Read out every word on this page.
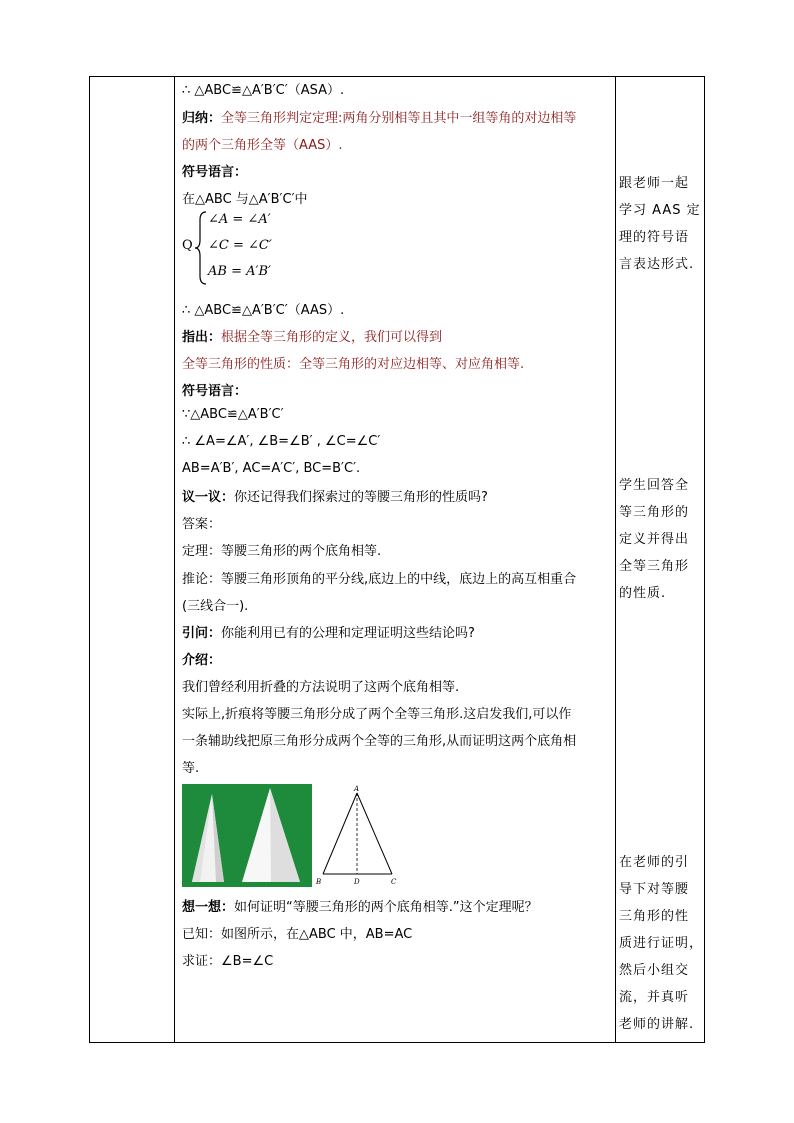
∴ △ABC≌△A′B′C′（ASA）.
归纳：全等三角形判定定理:两角分别相等且其中一组等角的对边相等
的两个三角形全等（AAS）.
符号语言：
在△ABC 与△A′B′C′中
Q
∠A = ∠A′
∠C = ∠C′
AB = A′B′
∴ △ABC≌△A′B′C′（AAS）.
指出：根据全等三角形的定义，我们可以得到
全等三角形的性质：全等三角形的对应边相等、对应角相等.
符号语言：
∵△ABC≌△A′B′C′
∴ ∠A=∠A′, ∠B=∠B′ , ∠C=∠C′
AB=A′B′, AC=A′C′, BC=B′C′.
议一议：你还记得我们探索过的等腰三角形的性质吗?
答案：
定理：等腰三角形的两个底角相等.
推论：等腰三角形顶角的平分线,底边上的中线，底边上的高互相重合
(三线合一).
引问：你能利用已有的公理和定理证明这些结论吗?
介绍：
我们曾经利用折叠的方法说明了这两个底角相等.
实际上,折痕将等腰三角形分成了两个全等三角形.这启发我们,可以作
一条辅助线把原三角形分成两个全等的三角形,从而证明这两个底角相
等.
A
B	D	C
想一想：如何证明“等腰三角形的两个底角相等.”这个定理呢？
已知：如图所示，在△ABC 中，AB=AC
求证：∠B=∠C
跟老师一起
学习 AAS 定
理的符号语
言表达形式.
学生回答全
等三角形的
定义并得出
全等三角形
的性质.
在老师的引
导下对等腰
三角形的性
质进行证明，
然后小组交
流，并真听
老师的讲解.
